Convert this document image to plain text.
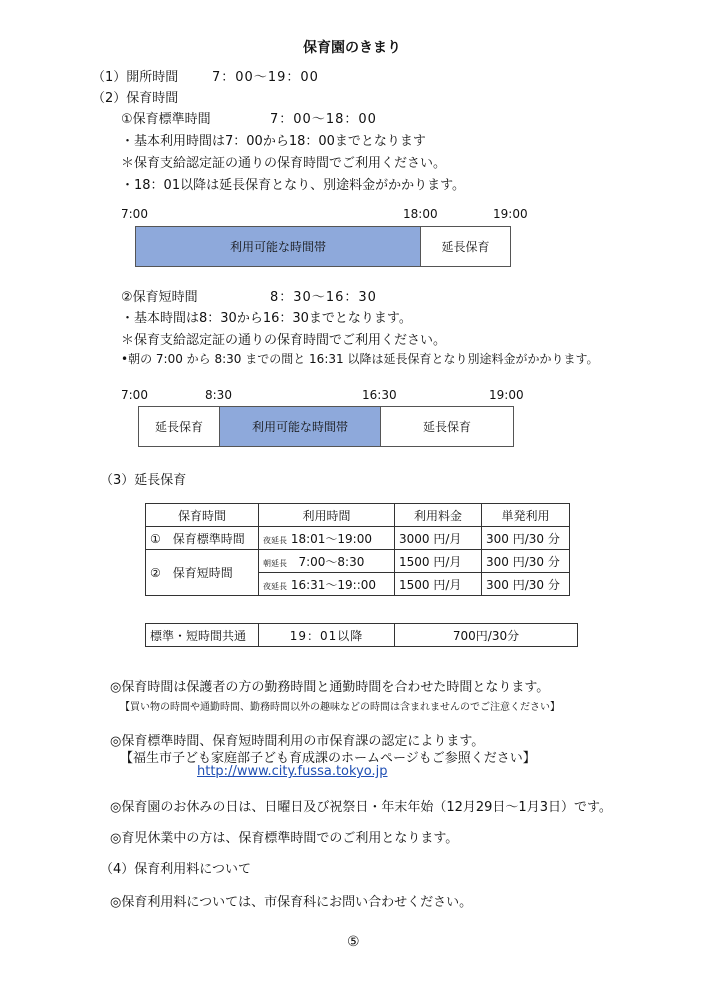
保育園のきまり
（1）開所時間	7：00～19：00
（2）保育時間
①保育標準時間	7：00～18：00
・基本利用時間は7：00から18：00までとなります
＊保育支給認定証の通りの保育時間でご利用ください。
・18：01以降は延長保育となり、別途料金がかかります。
7:00	18:00	19:00
利用可能な時間帯	延長保育
②保育短時間	8：30～16：30
・基本時間は8：30から16：30までとなります。
＊保育支給認定証の通りの保育時間でご利用ください。
•朝の 7:00 から 8:30 までの間と 16:31 以降は延長保育となり別途料金がかかります。
7:00	8:30	16:30	19:00
延長保育	利用可能な時間帯	延長保育
（3）延長保育
保育時間	利用時間	利用料金	単発利用
①　保育標準時間	夜延長 18:01～19:00	3000 円/月	300 円/30 分
②　保育短時間	朝延長 7:00～8:30	1500 円/月	300 円/30 分
	夜延長 16:31～19::00	1500 円/月	300 円/30 分
標準・短時間共通	19：01以降	700円/30分
◎保育時間は保護者の方の勤務時間と通勤時間を合わせた時間となります。
【買い物の時間や通勤時間、勤務時間以外の趣味などの時間は含まれませんのでご注意ください】
◎保育標準時間、保育短時間利用の市保育課の認定によります。
【福生市子ども家庭部子ども育成課のホームページもご参照ください】
http://www.city.fussa.tokyo.jp
◎保育園のお休みの日は、日曜日及び祝祭日・年末年始（12月29日～1月3日）です。
◎育児休業中の方は、保育標準時間でのご利用となります。
（4）保育利用料について
◎保育利用料については、市保育科にお問い合わせください。
⑤
